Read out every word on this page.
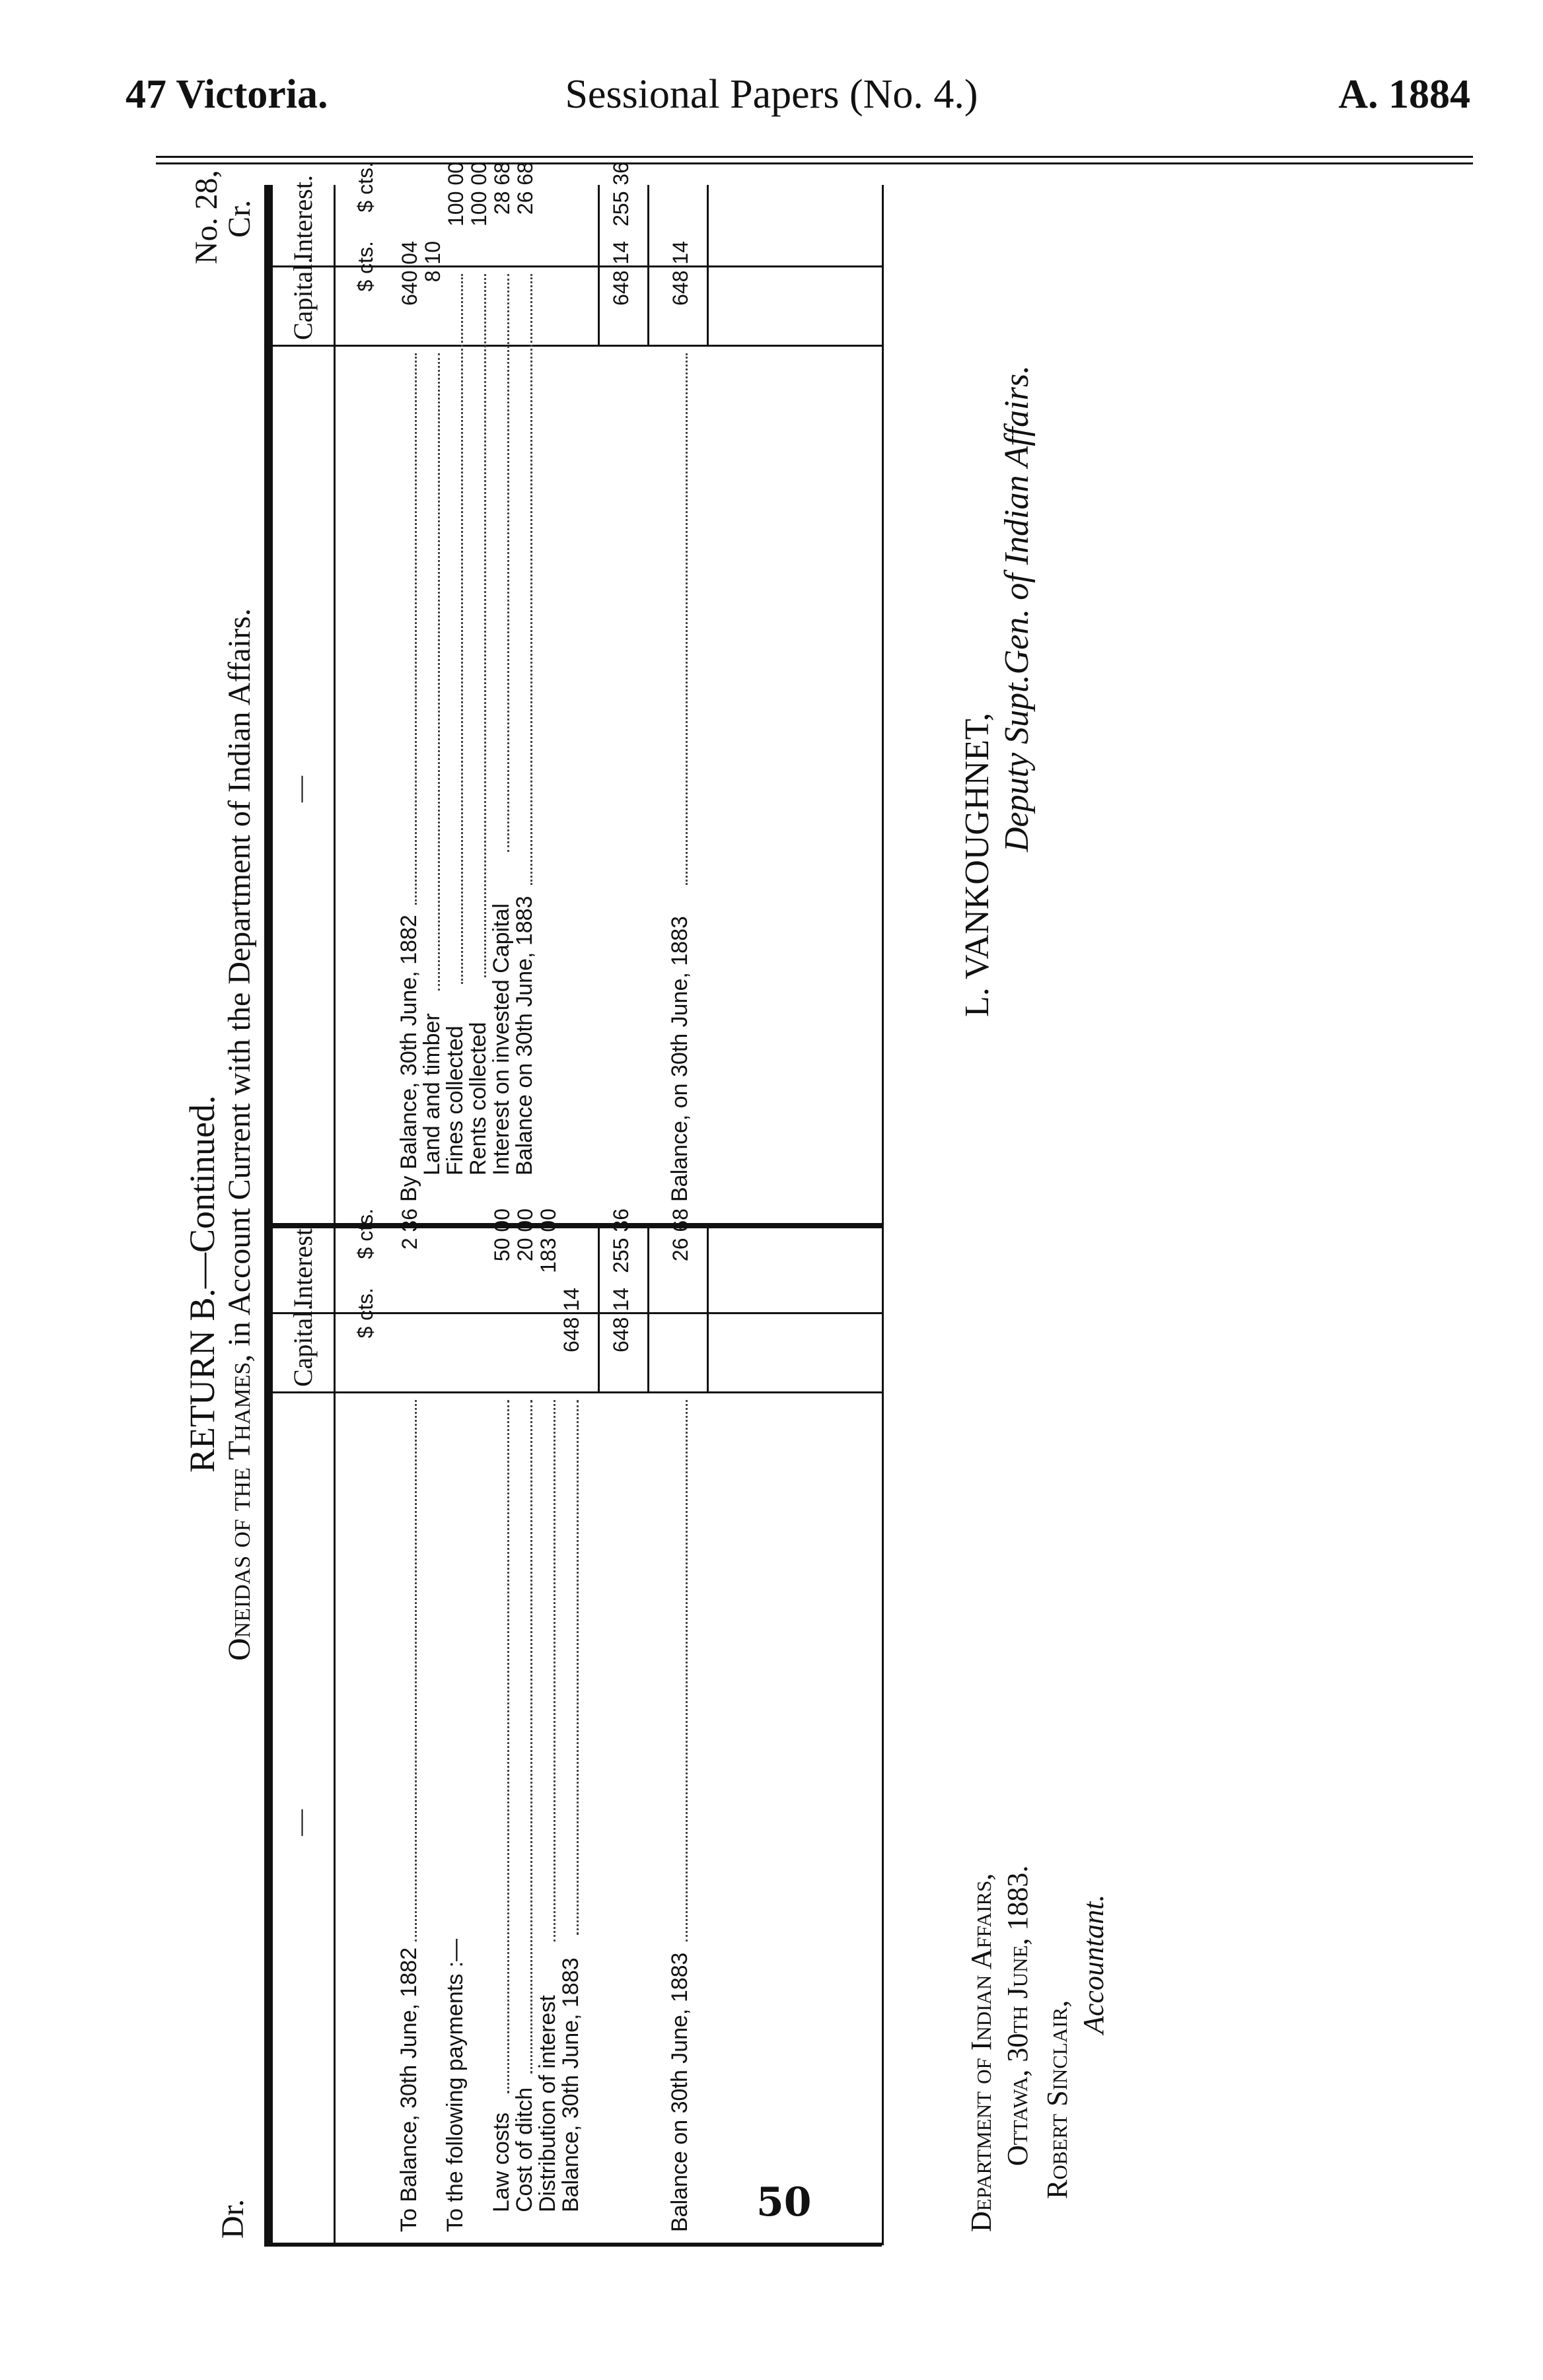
47 Victoria.	Sessional Papers (No. 4.)	A. 1884
RETURN B.—Continued.
Oneidas of the Thames, in Account Current with the Department of Indian Affairs.
Dr.
No. 28,
Cr.
—
Capital.
Interest.
—
Capital.
Interest.
$ cts.
$ cts.
$ cts.
$ cts.
To Balance, 30th June, 1882
2 36
To the following payments :— Law costs
50 00
Cost of ditch
20 00
Distribution of interest
183 00
Balance, 30th June, 1883
648 14 648 14
255 36
Balance on 30th June, 1883
26 68
By Balance, 30th June, 1882
640 04
Land and timber
8 10
Fines collected
100 00
Rents collected
100 00
Interest on invested Capital
28 68
Balance on 30th June, 1883
26 68
648 14
255 36
Balance, on 30th June, 1883
648 14
Department of Indian Affairs, Ottawa, 30th June, 1883. Robert Sinclair,
Accountant.
L. VANKOUGHNET,
Deputy Supt.Gen. of Indian Affairs.
50
